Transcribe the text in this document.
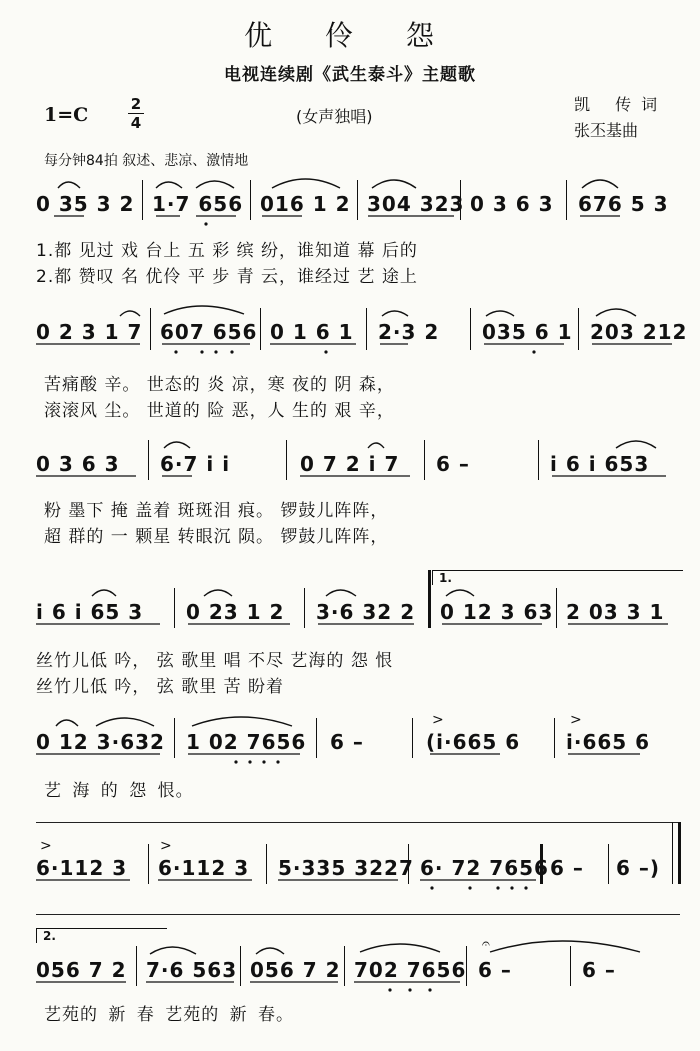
优 伶 怨
电视连续剧《武生泰斗》主题歌
1=C	2
4	(女声独唱)
凯 传词
张丕基曲
每分钟84拍 叙述、悲凉、激情地
0 35 3 2 1·7 656 016 1 2 304 323 0 3 6 3 676 5 3
1.都 见过 戏 台上 五 彩 缤 纷，谁知道 幕 后的
2.都 赞叹 名 优伶 平 步 青 云，谁经过 艺 途上
0 2 3 1 7 607 656 0 1 6 1 2·3 2 035 6 1 203 212
苦痛酸 辛。 世态的 炎 凉，寒 夜的 阴 森，
滚滚风 尘。 世道的 险 恶，人 生的 艰 辛，
0 3 6 3 6·7 i i	0 7 2 i 7 6 –	i 6 i 653
粉 墨下 掩 盖着 斑斑泪 痕。 锣鼓儿阵阵，
超 群的 一 颗星 转眼沉 陨。 锣鼓儿阵阵，
1.
i 6 i 65 3 0 23 1 2 3·6 32 2 0 12 3 63 2 03 3 1
丝竹儿低 吟， 弦 歌里 唱 不尽 艺海的 怨 恨
丝竹儿低 吟， 弦 歌里 苦 盼着
0 12 3·632 1 02 7656 6 –	(i·665 6 i·665 6
>	>
艺 海 的 怨 恨。
>	>
6·112 3 6·112 3 5·335 3227 6· 72 7656 6 – 6 –)
2.
056 7 2 7·6 563 056 7 2 702 7656 6 –	6 –
𝄐
艺苑的 新 春 艺苑的 新 春。
